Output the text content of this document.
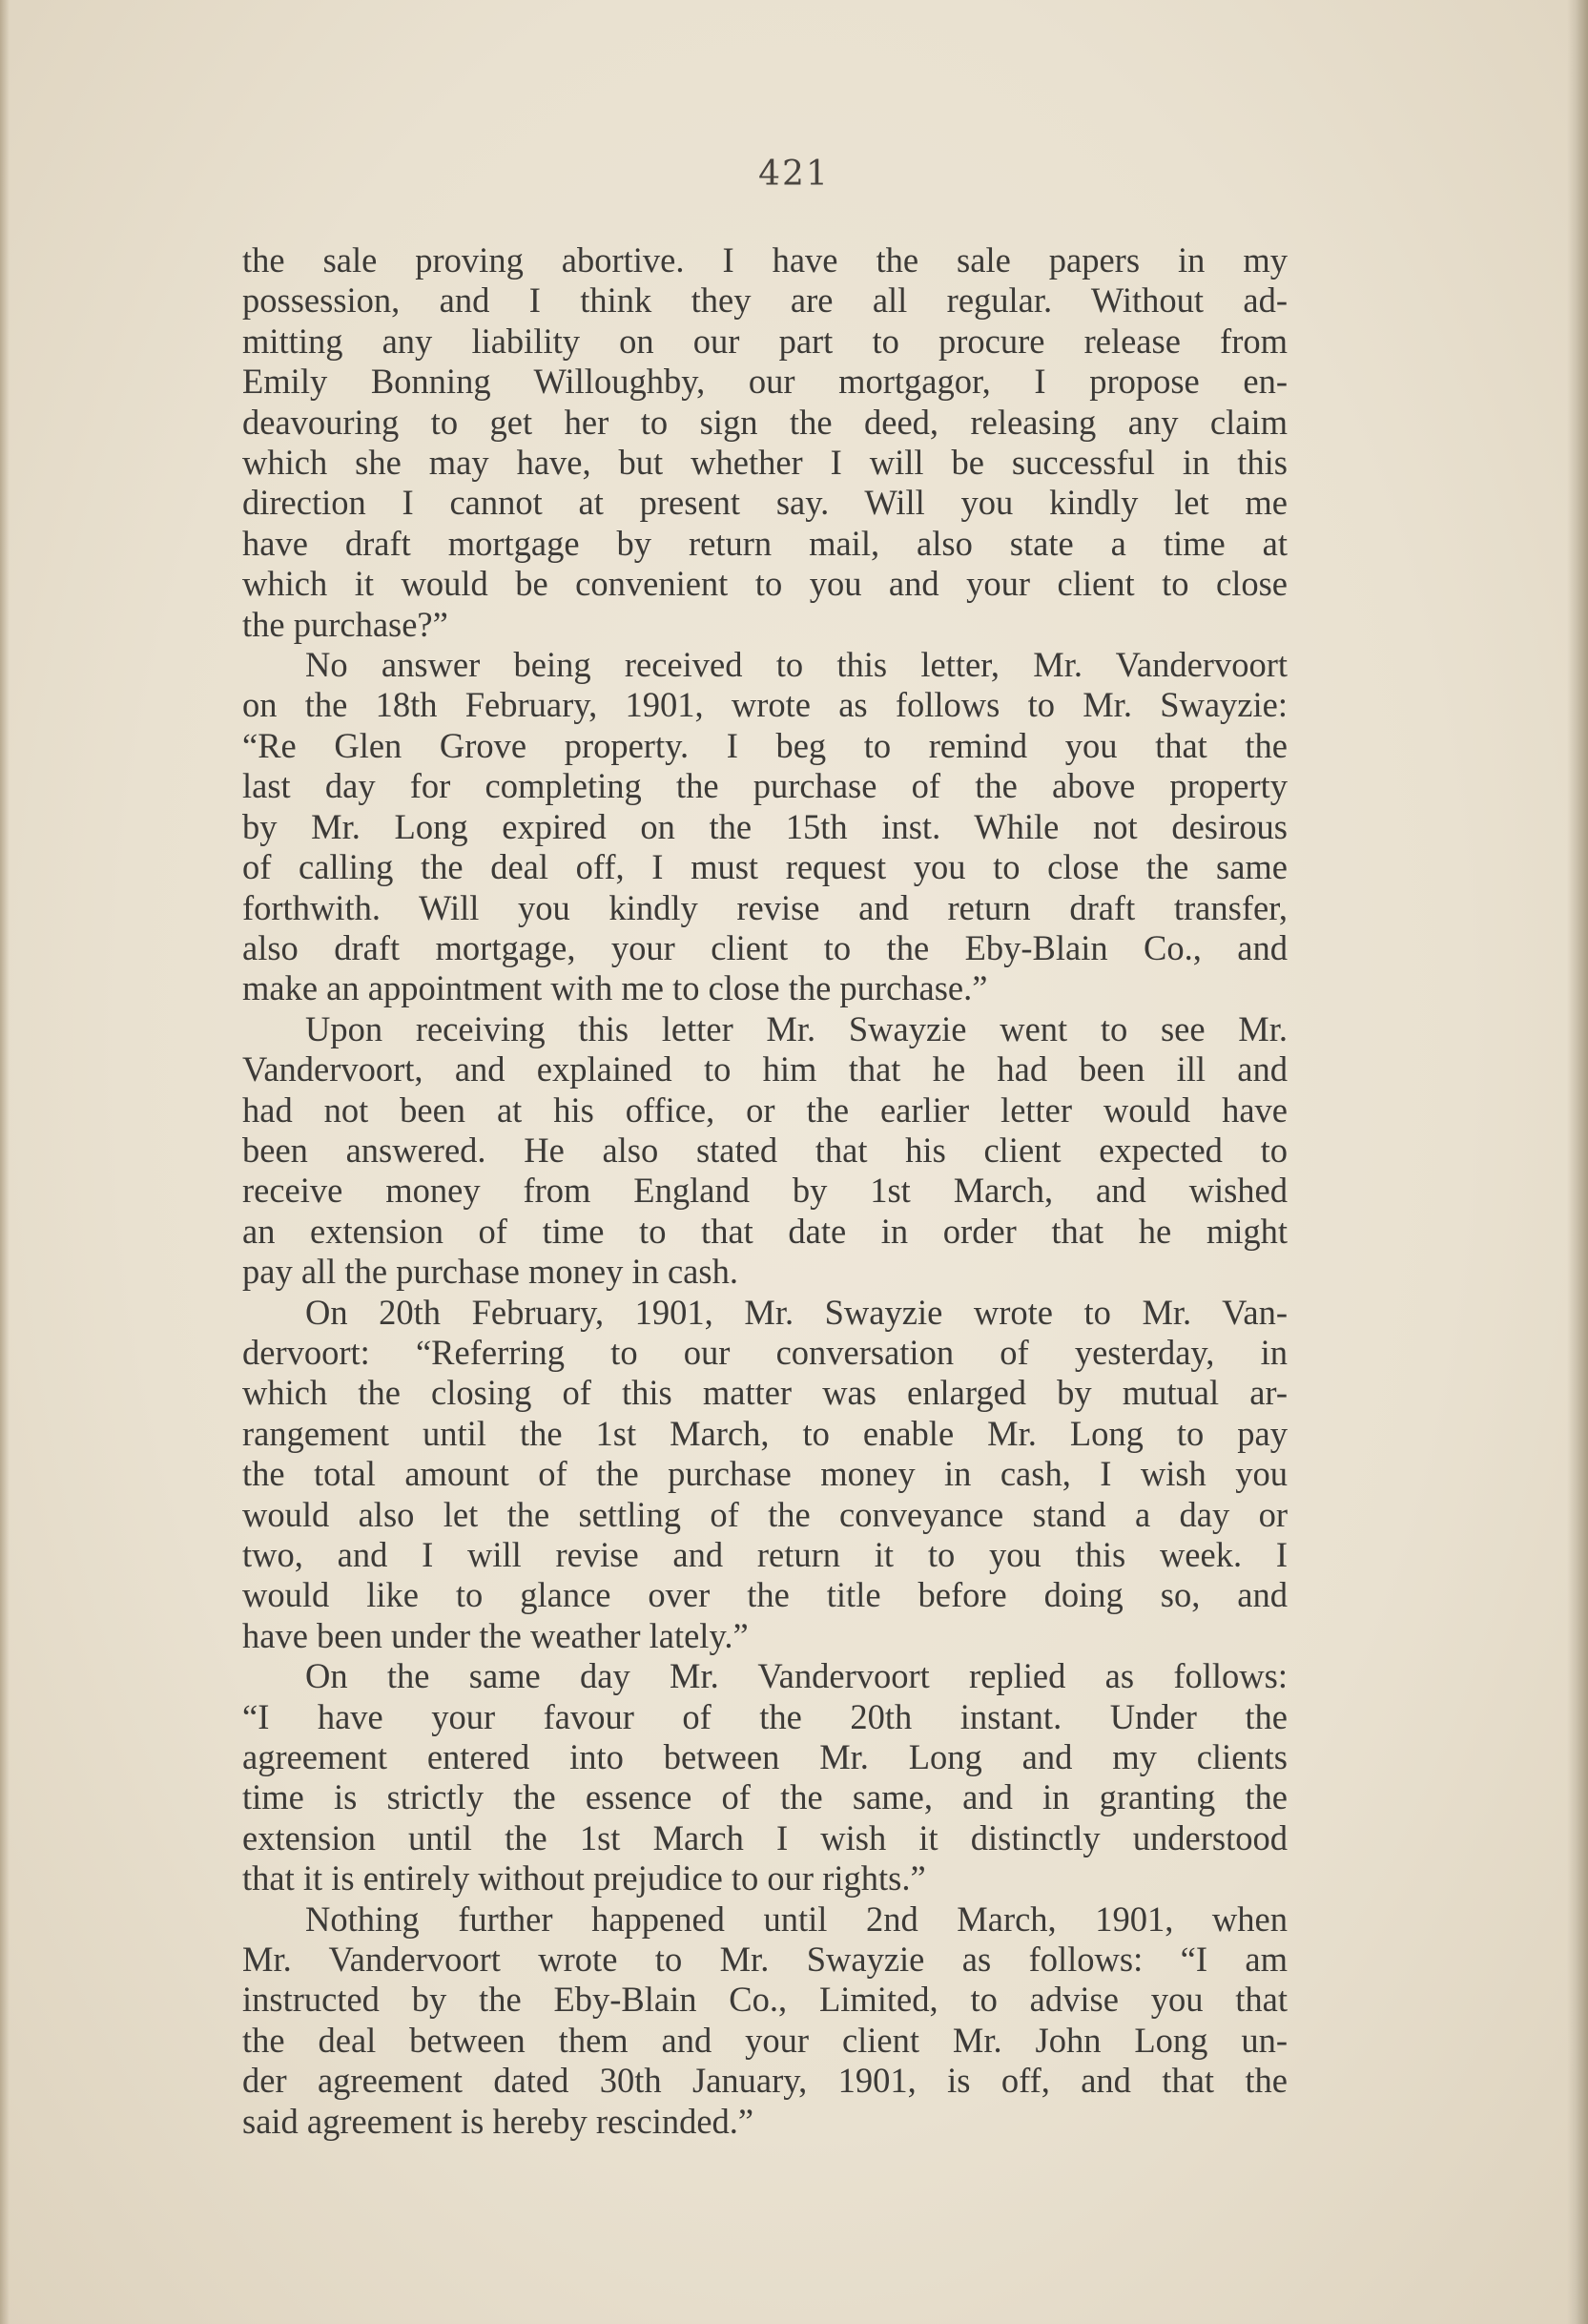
421
the sale proving abortive. I have the sale papers in my
possession, and I think they are all regular. Without ad-
mitting any liability on our part to procure release from
Emily Bonning Willoughby, our mortgagor, I propose en-
deavouring to get her to sign the deed, releasing any claim
which she may have, but whether I will be successful in this
direction I cannot at present say. Will you kindly let me
have draft mortgage by return mail, also state a time at
which it would be convenient to you and your client to close
the purchase?”
No answer being received to this letter, Mr. Vandervoort
on the 18th February, 1901, wrote as follows to Mr. Swayzie:
“Re Glen Grove property. I beg to remind you that the
last day for completing the purchase of the above property
by Mr. Long expired on the 15th inst. While not desirous
of calling the deal off, I must request you to close the same
forthwith. Will you kindly revise and return draft transfer,
also draft mortgage, your client to the Eby-Blain Co., and
make an appointment with me to close the purchase.”
Upon receiving this letter Mr. Swayzie went to see Mr.
Vandervoort, and explained to him that he had been ill and
had not been at his office, or the earlier letter would have
been answered. He also stated that his client expected to
receive money from England by 1st March, and wished
an extension of time to that date in order that he might
pay all the purchase money in cash.
On 20th February, 1901, Mr. Swayzie wrote to Mr. Van-
dervoort: “Referring to our conversation of yesterday, in
which the closing of this matter was enlarged by mutual ar-
rangement until the 1st March, to enable Mr. Long to pay
the total amount of the purchase money in cash, I wish you
would also let the settling of the conveyance stand a day or
two, and I will revise and return it to you this week. I
would like to glance over the title before doing so, and
have been under the weather lately.”
On the same day Mr. Vandervoort replied as follows:
“I have your favour of the 20th instant. Under the
agreement entered into between Mr. Long and my clients
time is strictly the essence of the same, and in granting the
extension until the 1st March I wish it distinctly understood
that it is entirely without prejudice to our rights.”
Nothing further happened until 2nd March, 1901, when
Mr. Vandervoort wrote to Mr. Swayzie as follows: “I am
instructed by the Eby-Blain Co., Limited, to advise you that
the deal between them and your client Mr. John Long un-
der agreement dated 30th January, 1901, is off, and that the
said agreement is hereby rescinded.”
